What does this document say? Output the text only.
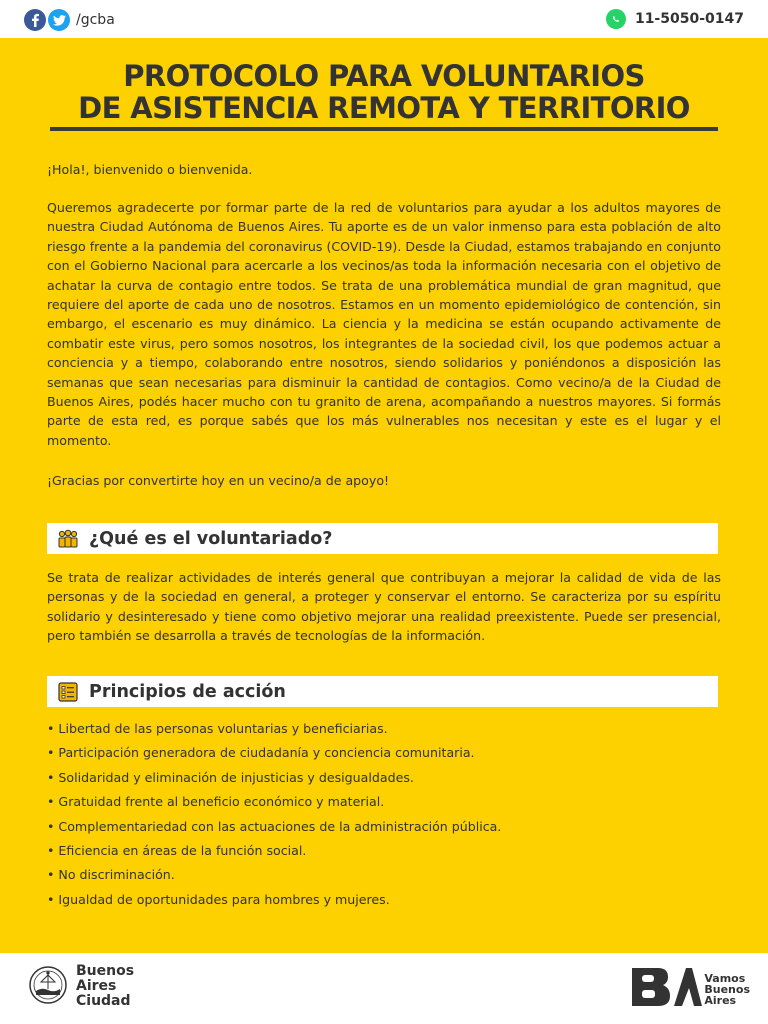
/gcba	11-5050-0147
PROTOCOLO PARA VOLUNTARIOS
DE ASISTENCIA REMOTA Y TERRITORIO

¡Hola!, bienvenido o bienvenida.

Queremos agradecerte por formar parte de la red de voluntarios para ayudar a los adultos mayores de nuestra Ciudad Autónoma de Buenos Aires. Tu aporte es de un valor inmenso para esta población de alto riesgo frente a la pandemia del coronavirus (COVID-19). Desde la Ciudad, estamos trabajando en conjunto con el Gobierno Nacional para acercarle a los vecinos/as toda la información necesaria con el objetivo de achatar la curva de contagio entre todos. Se trata de una problemática mundial de gran magnitud, que requiere del aporte de cada uno de nosotros. Estamos en un momento epidemiológico de contención, sin embargo, el escenario es muy dinámico. La ciencia y la medicina se están ocupando activamente de combatir este virus, pero somos nosotros, los integrantes de la sociedad civil, los que podemos actuar a conciencia y a tiempo, colaborando entre nosotros, siendo solidarios y poniéndonos a disposición las semanas que sean necesarias para disminuir la cantidad de contagios. Como vecino/a de la Ciudad de Buenos Aires, podés hacer mucho con tu granito de arena, acompañando a nuestros mayores. Si formás parte de esta red, es porque sabés que los más vulnerables nos necesitan y este es el lugar y el momento.

¡Gracias por convertirte hoy en un vecino/a de apoyo!

¿Qué es el voluntariado?

Se trata de realizar actividades de interés general que contribuyan a mejorar la calidad de vida de las personas y de la sociedad en general, a proteger y conservar el entorno. Se caracteriza por su espíritu solidario y desinteresado y tiene como objetivo mejorar una realidad preexistente. Puede ser presencial, pero también se desarrolla a través de tecnologías de la información.

Principios de acción
• Libertad de las personas voluntarias y beneficiarias.
• Participación generadora de ciudadanía y conciencia comunitaria.
• Solidaridad y eliminación de injusticias y desigualdades.
• Gratuidad frente al beneficio económico y material.
• Complementariedad con las actuaciones de la administración pública.
• Eficiencia en áreas de la función social.
• No discriminación.
• Igualdad de oportunidades para hombres y mujeres.
Buenos
Aires
Ciudad
Vamos
Buenos
Aires
